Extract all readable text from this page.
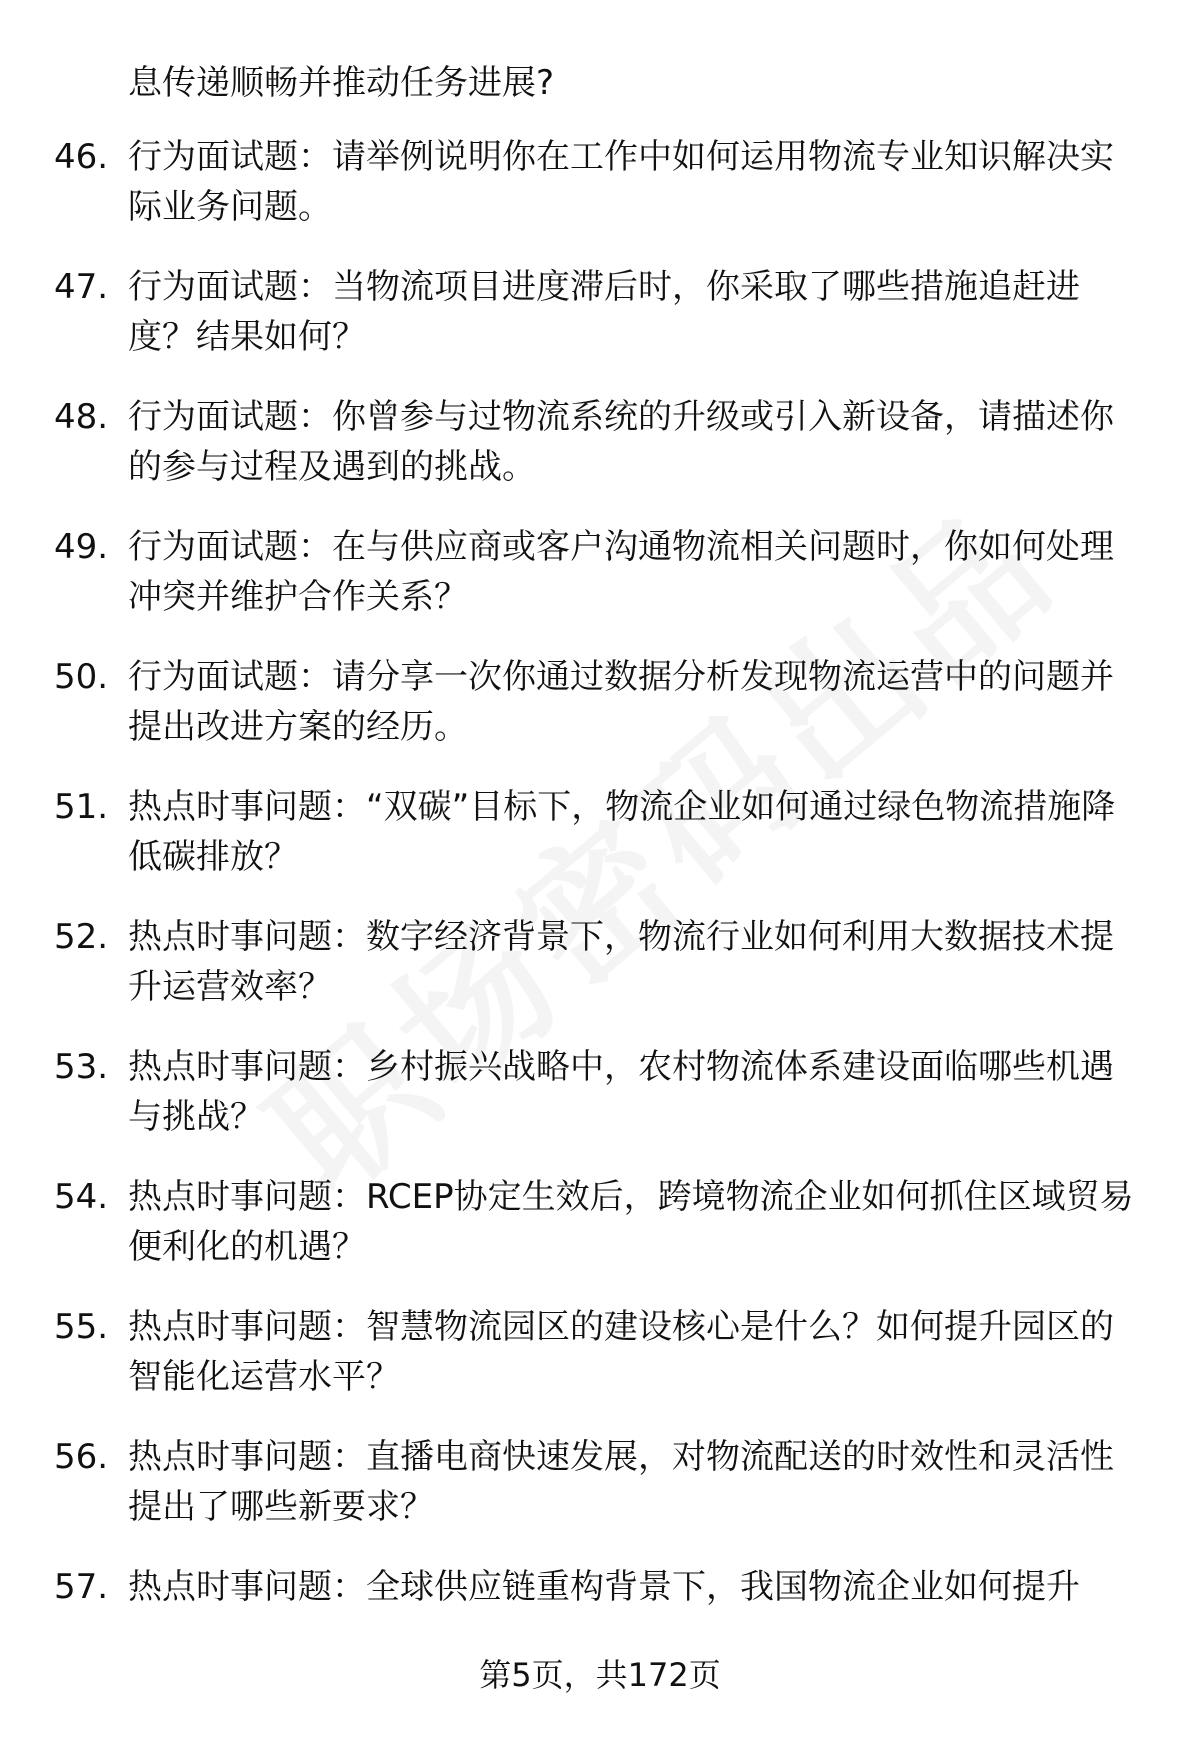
息传递顺畅并推动任务进展?
46. 行为面试题：请举例说明你在工作中如何运用物流专业知识解决实际业务问题。
47. 行为面试题：当物流项目进度滞后时，你采取了哪些措施追赶进度？结果如何？
48. 行为面试题：你曾参与过物流系统的升级或引入新设备，请描述你的参与过程及遇到的挑战。
49. 行为面试题：在与供应商或客户沟通物流相关问题时，你如何处理冲突并维护合作关系？
50. 行为面试题：请分享一次你通过数据分析发现物流运营中的问题并提出改进方案的经历。
51. 热点时事问题：“双碳”目标下，物流企业如何通过绿色物流措施降低碳排放？
52. 热点时事问题：数字经济背景下，物流行业如何利用大数据技术提升运营效率？
53. 热点时事问题：乡村振兴战略中，农村物流体系建设面临哪些机遇与挑战？
54. 热点时事问题：RCEP协定生效后，跨境物流企业如何抓住区域贸易便利化的机遇？
55. 热点时事问题：智慧物流园区的建设核心是什么？如何提升园区的智能化运营水平？
56. 热点时事问题：直播电商快速发展，对物流配送的时效性和灵活性提出了哪些新要求？
57. 热点时事问题：全球供应链重构背景下，我国物流企业如何提升
第5页，共172页
